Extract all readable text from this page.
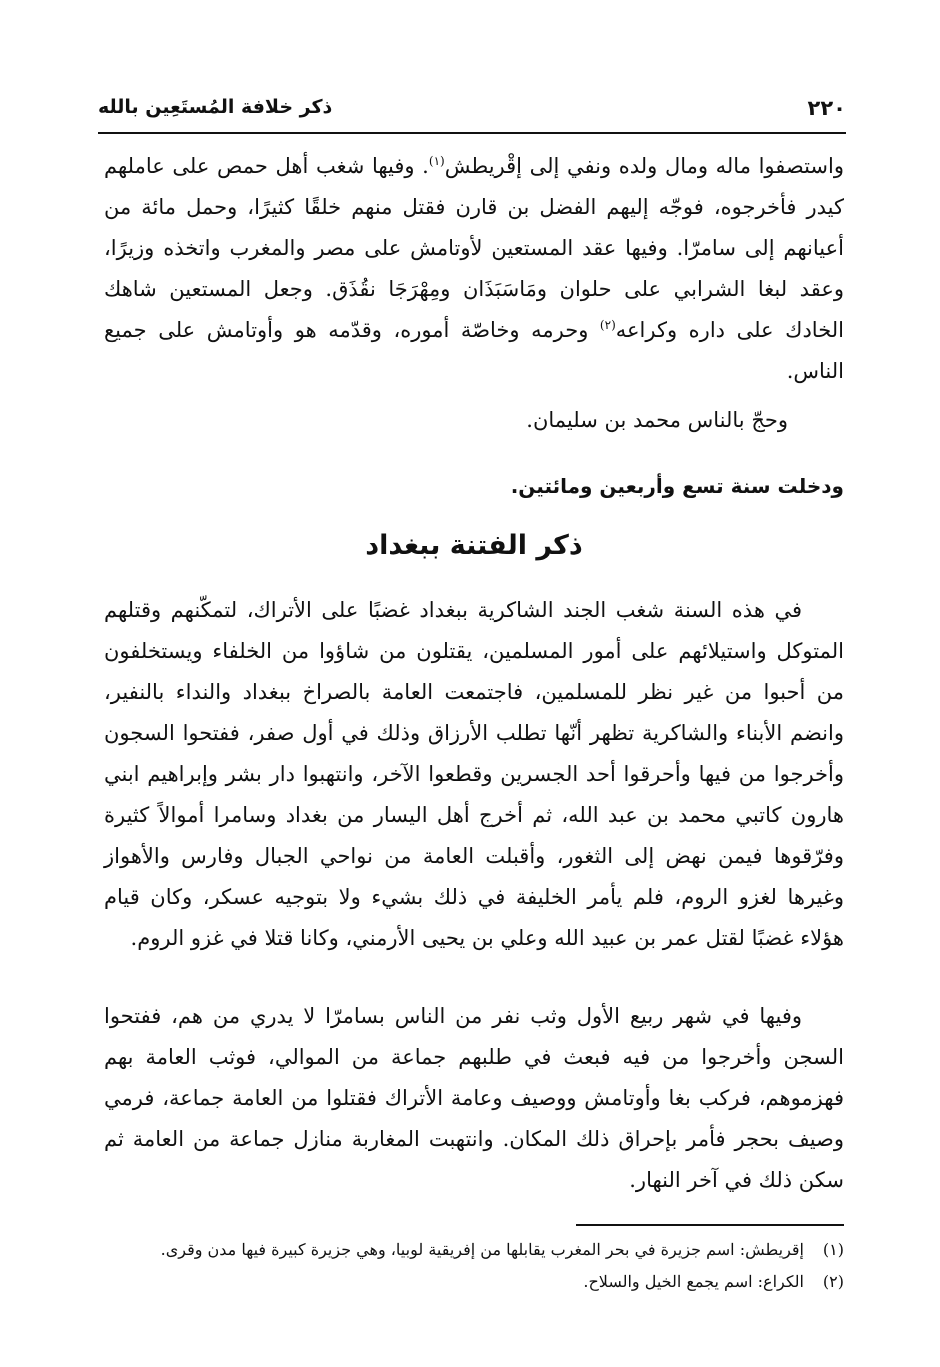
٢٢٠
ذكر خلافة المُستَعِين بالله
واستصفوا ماله ومال ولده ونفي إلى إقْريطش$^{(١)}$. وفيها شغب أهل حمص على عاملهم كيدر فأخرجوه، فوجّه إليهم الفضل بن قارن فقتل منهم خلقًا كثيرًا، وحمل مائة من أعيانهم إلى سامرّا. وفيها عقد المستعين لأوتامش على مصر والمغرب واتخذه وزيرًا، وعقد لبغا الشرابي على حلوان ومَاسَبَذَان ومِهْرَجَا نقُذَق. وجعل المستعين شاهك الخادك على داره وكراعه$^{(٢)}$ وحرمه وخاصّة أموره، وقدّمه هو وأوتامش على جميع الناس.
وحجّ بالناس محمد بن سليمان.
ودخلت سنة تسع وأربعين ومائتين.
ذكر الفتنة ببغداد
في هذه السنة شغب الجند الشاكرية ببغداد غضبًا على الأتراك، لتمكّنهم وقتلهم المتوكل واستيلائهم على أمور المسلمين، يقتلون من شاؤوا من الخلفاء ويستخلفون من أحبوا من غير نظر للمسلمين، فاجتمعت العامة بالصراخ ببغداد والنداء بالنفير، وانضم الأبناء والشاكرية تظهر أنّها تطلب الأرزاق وذلك في أول صفر، ففتحوا السجون وأخرجوا من فيها وأحرقوا أحد الجسرين وقطعوا الآخر، وانتهبوا دار بشر وإبراهيم ابني هارون كاتبي محمد بن عبد الله، ثم أخرج أهل اليسار من بغداد وسامرا أموالاً كثيرة وفرّقوها فيمن نهض إلى الثغور، وأقبلت العامة من نواحي الجبال وفارس والأهواز وغيرها لغزو الروم، فلم يأمر الخليفة في ذلك بشيء ولا بتوجيه عسكر، وكان قيام هؤلاء غضبًا لقتل عمر بن عبيد الله وعلي بن يحيى الأرمني، وكانا قتلا في غزو الروم.
وفيها في شهر ربيع الأول وثب نفر من الناس بسامرّا لا يدري من هم، ففتحوا السجن وأخرجوا من فيه فبعث في طلبهم جماعة من الموالي، فوثب العامة بهم فهزموهم، فركب بغا وأوتامش ووصيف وعامة الأتراك فقتلوا من العامة جماعة، فرمي وصيف بحجر فأمر بإحراق ذلك المكان. وانتهبت المغاربة منازل جماعة من العامة ثم سكن ذلك في آخر النهار.
(١)
إقريطش: اسم جزيرة في بحر المغرب يقابلها من إفريقية لوبيا، وهي جزيرة كبيرة فيها مدن وقرى.
(٢)
الكراع: اسم يجمع الخيل والسلاح.
